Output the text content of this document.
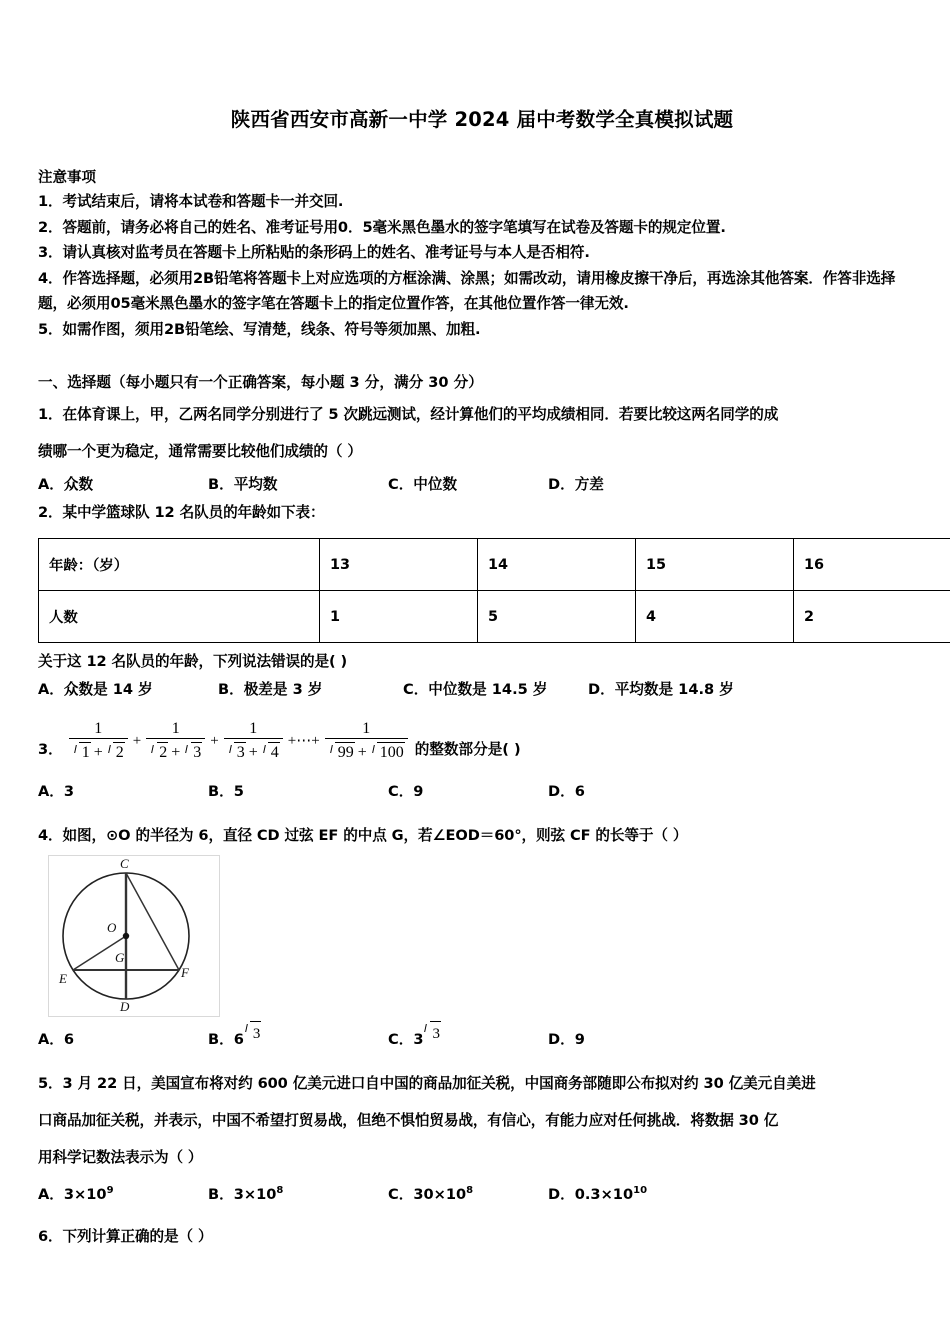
陕西省西安市高新一中学 2024 届中考数学全真模拟试题
注意事项
1．考试结束后，请将本试卷和答题卡一并交回.
2．答题前，请务必将自己的姓名、准考证号用0．5毫米黑色墨水的签字笔填写在试卷及答题卡的规定位置.
3．请认真核对监考员在答题卡上所粘贴的条形码上的姓名、准考证号与本人是否相符.
4．作答选择题，必须用2B铅笔将答题卡上对应选项的方框涂满、涂黑；如需改动，请用橡皮擦干净后，再选涂其他答案．作答非选择题，必须用05毫米黑色墨水的签字笔在答题卡上的指定位置作答，在其他位置作答一律无效.
5．如需作图，须用2B铅笔绘、写清楚，线条、符号等须加黑、加粗.
一、选择题（每小题只有一个正确答案，每小题 3 分，满分 30 分）
1．在体育课上，甲，乙两名同学分别进行了 5 次跳远测试，经计算他们的平均成绩相同．若要比较这两名同学的成
绩哪一个更为稳定，通常需要比较他们成绩的（ ）
A．众数	B．平均数	C．中位数	D．方差
2．某中学篮球队 12 名队员的年龄如下表：
年龄：（岁）	13	14	15	16
人数	1	5	4	2
关于这 12 名队员的年龄，下列说法错误的是( )
A．众数是 14 岁	B．极差是 3 岁	C．中位数是 14.5 岁	D．平均数是 14.8 岁
3． $\frac{1}{1 + 2} + \frac{1}{2 + 3} + \frac{1}{3 + 4}$ +⋯+ $\frac{1}{99 + 100}$ 的整数部分是( )
A．3	B．5	C．9	D．6
4．如图，⊙O 的半径为 6，直径 CD 过弦 EF 的中点 G，若∠EOD＝60°，则弦 CF 的长等于（ ）
C
O
G
E	F
D
A．6	B．6 3	C．3 3	D．9
5．3 月 22 日，美国宣布将对约 600 亿美元进口自中国的商品加征关税，中国商务部随即公布拟对约 30 亿美元自美进
口商品加征关税，并表示，中国不希望打贸易战，但绝不惧怕贸易战，有信心，有能力应对任何挑战．将数据 30 亿
用科学记数法表示为（ ）
A．$3\times 10^9$	B．$3\times 10^8$	C．$30\times 10^8$	D．$0.3\times 10^{10}$
6．下列计算正确的是（ ）
